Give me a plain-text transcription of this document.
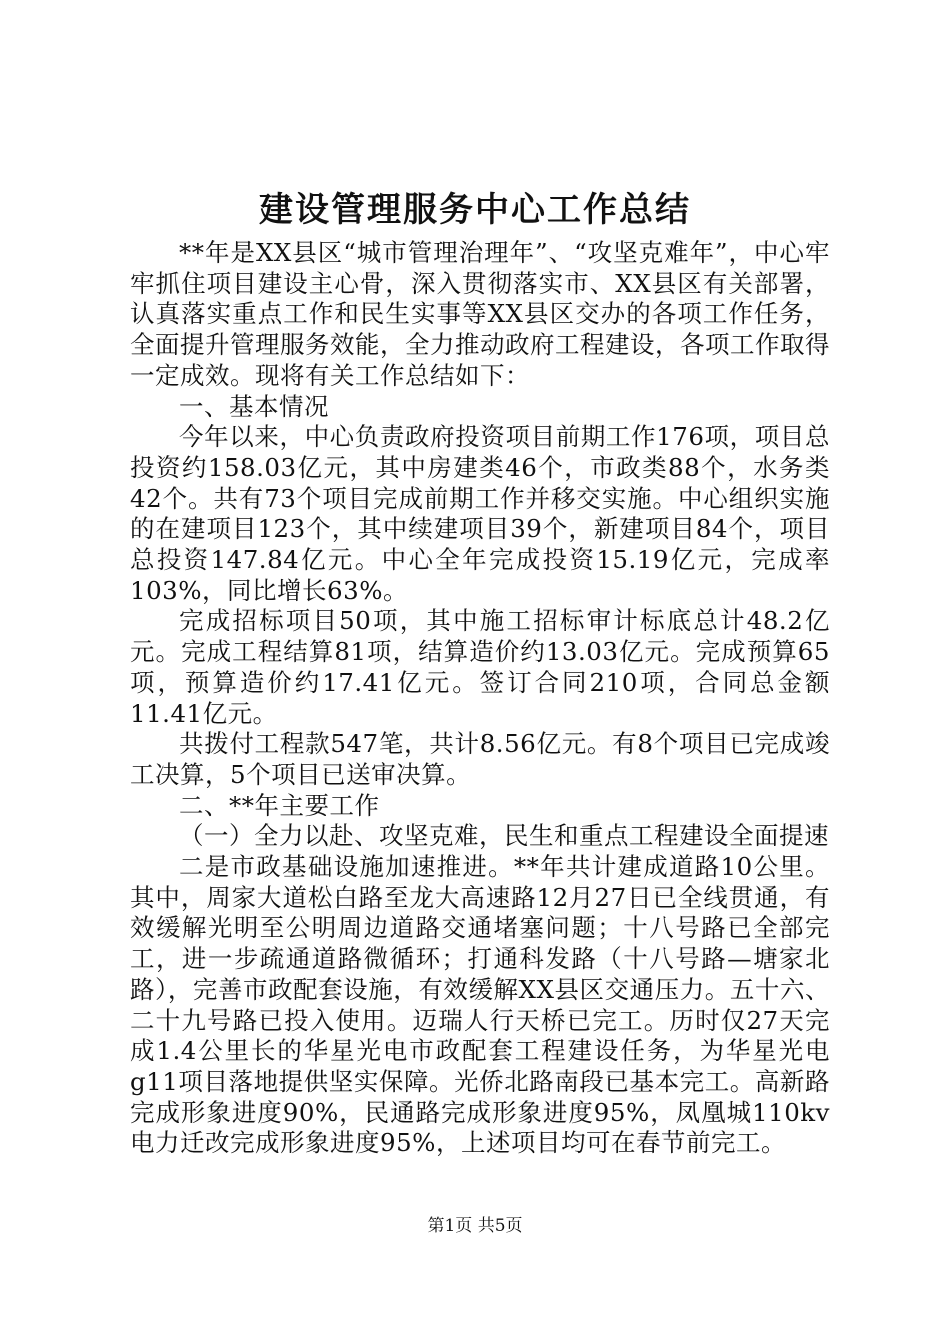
建设管理服务中心工作总结

**年是XX县区“城市管理治理年”、“攻坚克难年”，中心牢牢抓住项目建设主心骨，深入贯彻落实市、XX县区有关部署，认真落实重点工作和民生实事等XX县区交办的各项工作任务，全面提升管理服务效能，全力推动政府工程建设，各项工作取得一定成效。现将有关工作总结如下：

一、基本情况

今年以来，中心负责政府投资项目前期工作176项，项目总投资约158.03亿元，其中房建类46个，市政类88个，水务类42个。共有73个项目完成前期工作并移交实施。中心组织实施的在建项目123个，其中续建项目39个，新建项目84个，项目总投资147.84亿元。中心全年完成投资15.19亿元，完成率103%，同比增长63%。

完成招标项目50项，其中施工招标审计标底总计48.2亿元。完成工程结算81项，结算造价约13.03亿元。完成预算65项，预算造价约17.41亿元。签订合同210项，合同总金额11.41亿元。

共拨付工程款547笔，共计8.56亿元。有8个项目已完成竣工决算，5个项目已送审决算。

二、**年主要工作

（一）全力以赴、攻坚克难，民生和重点工程建设全面提速

二是市政基础设施加速推进。**年共计建成道路10公里。其中，周家大道松白路至龙大高速路12月27日已全线贯通，有效缓解光明至公明周边道路交通堵塞问题；十八号路已全部完工，进一步疏通道路微循环；打通科发路（十八号路—塘家北路），完善市政配套设施，有效缓解XX县区交通压力。五十六、二十九号路已投入使用。迈瑞人行天桥已完工。历时仅27天完成1.4公里长的华星光电市政配套工程建设任务，为华星光电g11项目落地提供坚实保障。光侨北路南段已基本完工。高新路完成形象进度90%，民通路完成形象进度95%，凤凰城110kv电力迁改完成形象进度95%，上述项目均可在春节前完工。

第1页 共5页
